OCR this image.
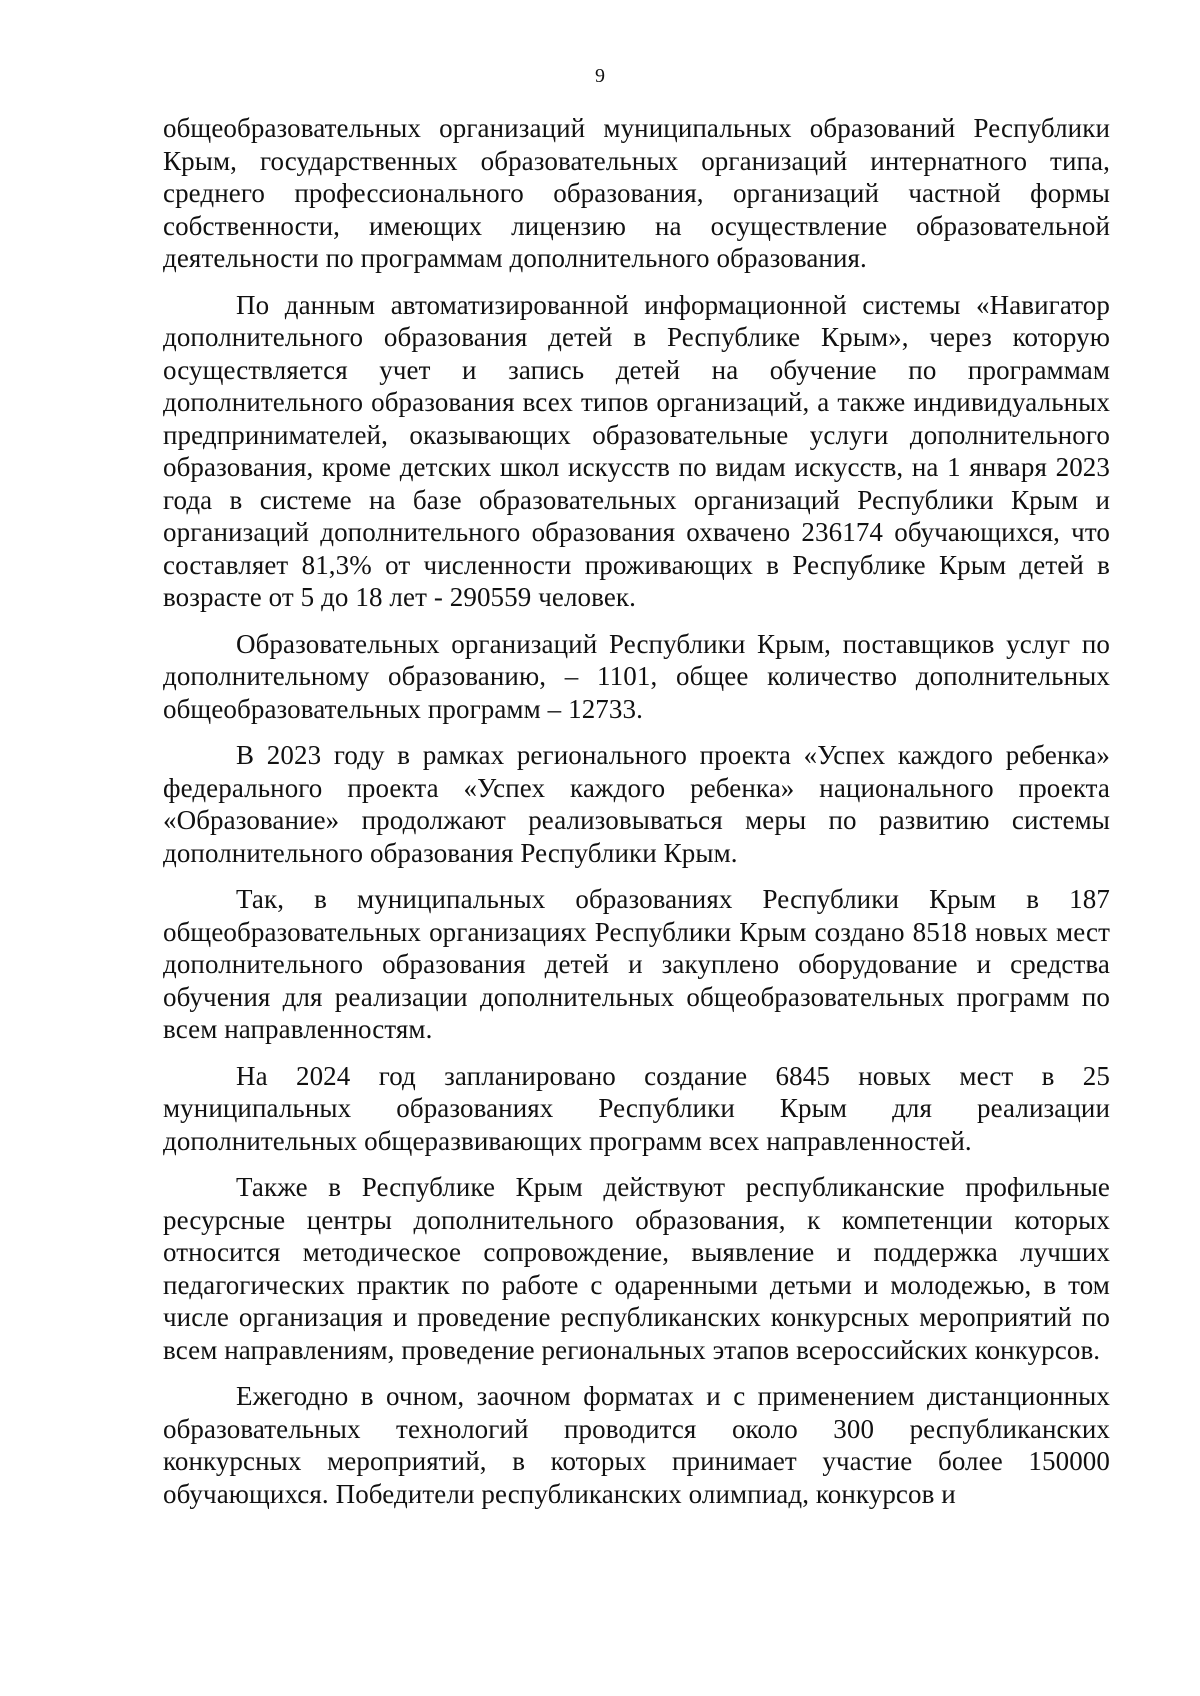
9

общеобразовательных организаций муниципальных образований Республики Крым, государственных образовательных организаций интернатного типа, среднего профессионального образования, организаций частной формы собственности, имеющих лицензию на осуществление образовательной деятельности по программам дополнительного образования.

По данным автоматизированной информационной системы «Навигатор дополнительного образования детей в Республике Крым», через которую осуществляется учет и запись детей на обучение по программам дополнительного образования всех типов организаций, а также индивидуальных предпринимателей, оказывающих образовательные услуги дополнительного образования, кроме детских школ искусств по видам искусств, на 1 января 2023 года в системе на базе образовательных организаций Республики Крым и организаций дополнительного образования охвачено 236174 обучающихся, что составляет 81,3% от численности проживающих в Республике Крым детей в возрасте от 5 до 18 лет - 290559 человек.

Образовательных организаций Республики Крым, поставщиков услуг по дополнительному образованию, – 1101, общее количество дополнительных общеобразовательных программ – 12733.

В 2023 году в рамках регионального проекта «Успех каждого ребенка» федерального проекта «Успех каждого ребенка» национального проекта «Образование» продолжают реализовываться меры по развитию системы дополнительного образования Республики Крым.

Так, в муниципальных образованиях Республики Крым в 187 общеобразовательных организациях Республики Крым создано 8518 новых мест дополнительного образования детей и закуплено оборудование и средства обучения для реализации дополнительных общеобразовательных программ по всем направленностям.

На 2024 год запланировано создание 6845 новых мест в 25 муниципальных образованиях Республики Крым для реализации дополнительных общеразвивающих программ всех направленностей.

Также в Республике Крым действуют республиканские профильные ресурсные центры дополнительного образования, к компетенции которых относится методическое сопровождение, выявление и поддержка лучших педагогических практик по работе с одаренными детьми и молодежью, в том числе организация и проведение республиканских конкурсных мероприятий по всем направлениям, проведение региональных этапов всероссийских конкурсов.

Ежегодно в очном, заочном форматах и с применением дистанционных образовательных технологий проводится около 300 республиканских конкурсных мероприятий, в которых принимает участие более 150000 обучающихся. Победители республиканских олимпиад, конкурсов и
